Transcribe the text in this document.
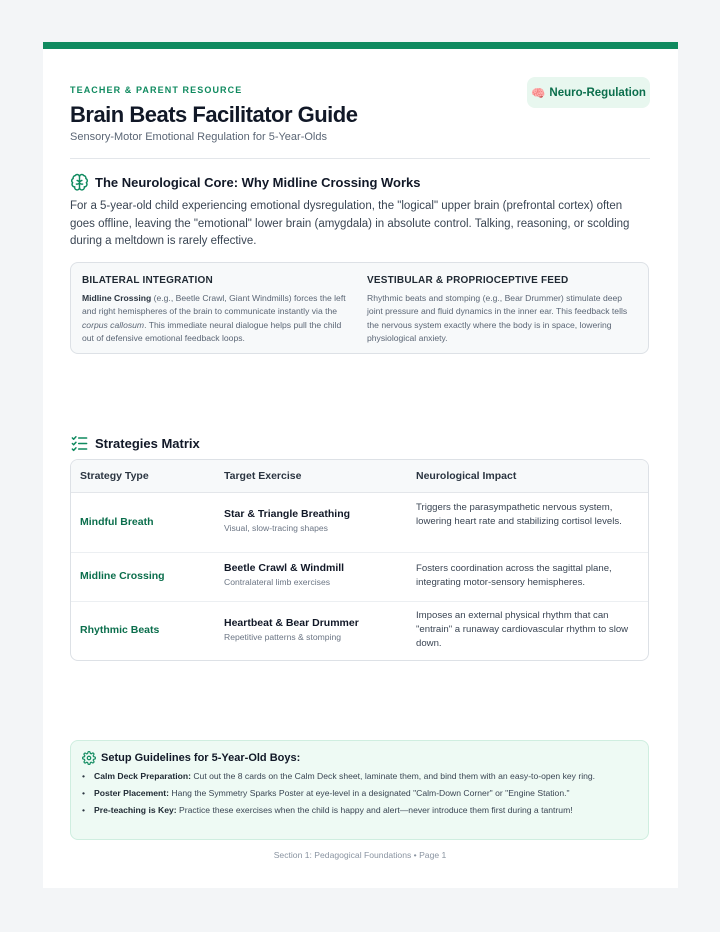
TEACHER & PARENT RESOURCE
Brain Beats Facilitator Guide
Sensory-Motor Emotional Regulation for 5-Year-Olds
🧠 Neuro-Regulation
The Neurological Core: Why Midline Crossing Works

For a 5-year-old child experiencing emotional dysregulation, the "logical" upper brain (prefrontal cortex) often goes offline, leaving the "emotional" lower brain (amygdala) in absolute control. Talking, reasoning, or scolding during a meltdown is rarely effective.

BILATERAL INTEGRATION

Midline Crossing (e.g., Beetle Crawl, Giant Windmills) forces the left and right hemispheres of the brain to communicate instantly via the corpus callosum. This immediate neural dialogue helps pull the child out of defensive emotional feedback loops.

VESTIBULAR & PROPRIOCEPTIVE FEED

Rhythmic beats and stomping (e.g., Bear Drummer) stimulate deep joint pressure and fluid dynamics in the inner ear. This feedback tells the nervous system exactly where the body is in space, lowering physiological anxiety.

Strategies Matrix
Strategy Type	Target Exercise	Neurological Impact
Mindful Breath
Star & Triangle Breathing
Visual, slow-tracing shapes
Triggers the parasympathetic nervous system, lowering heart rate and stabilizing cortisol levels.
Midline Crossing
Beetle Crawl & Windmill
Contralateral limb exercises
Fosters coordination across the sagittal plane, integrating motor-sensory hemispheres.
Rhythmic Beats
Heartbeat & Bear Drummer
Repetitive patterns & stomping
Imposes an external physical rhythm that can "entrain" a runaway cardiovascular rhythm to slow down.
Setup Guidelines for 5-Year-Old Boys:
• Calm Deck Preparation: Cut out the 8 cards on the Calm Deck sheet, laminate them, and bind them with an easy-to-open key ring.
• Poster Placement: Hang the Symmetry Sparks Poster at eye-level in a designated "Calm-Down Corner" or "Engine Station."
• Pre-teaching is Key: Practice these exercises when the child is happy and alert—never introduce them first during a tantrum!
Section 1: Pedagogical Foundations • Page 1
